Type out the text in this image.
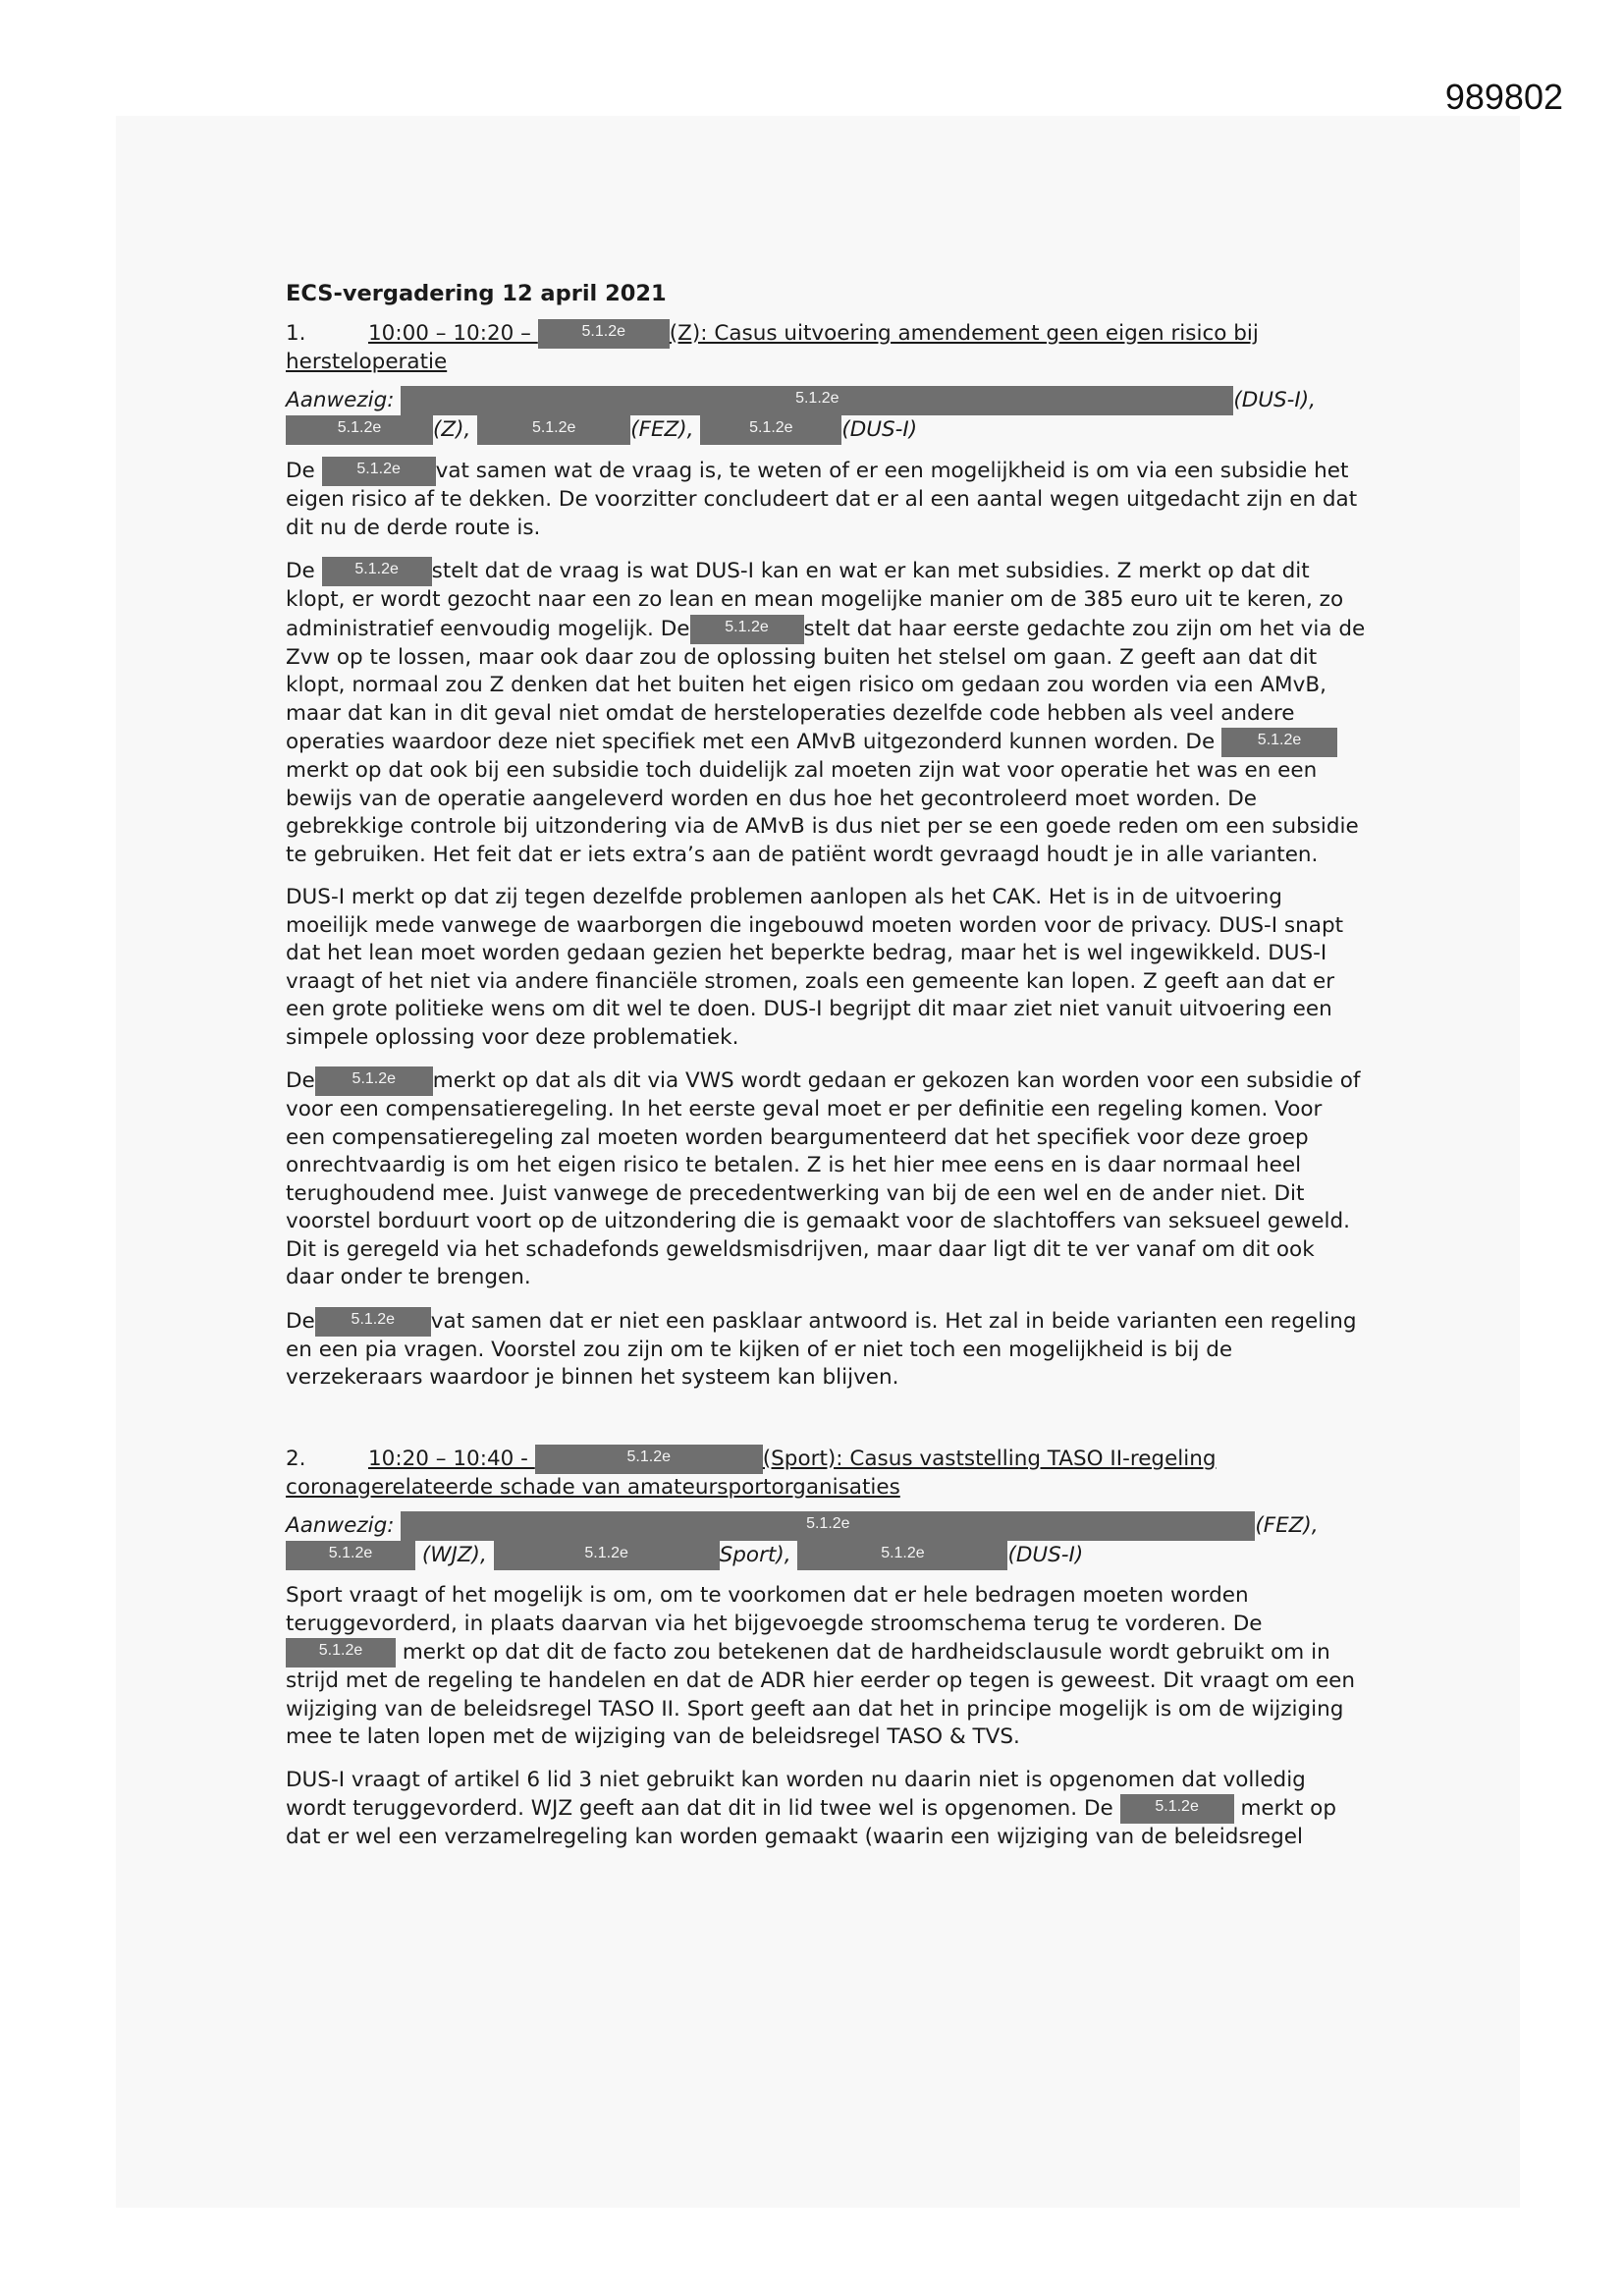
989802
ECS-vergadering 12 april 2021
1.	10:00 – 10:20 –	5.1.2e (Z): Casus uitvoering amendement geen eigen risico bij hersteloperatie
Aanwezig:	5.1.2e	(DUS-I),
5.1.2e (Z),	5.1.2e	(FEZ),	5.1.2e (DUS-I)

De 5.1.2e vat samen wat de vraag is, te weten of er een mogelijkheid is om via een subsidie het eigen risico af te dekken. De voorzitter concludeert dat er al een aantal wegen uitgedacht zijn en dat dit nu de derde route is.

De 5.1.2e stelt dat de vraag is wat DUS-I kan en wat er kan met subsidies. Z merkt op dat dit klopt, er wordt gezocht naar een zo lean en mean mogelijke manier om de 385 euro uit te keren, zo administratief eenvoudig mogelijk. De 5.1.2e stelt dat haar eerste gedachte zou zijn om het via de Zvw op te lossen, maar ook daar zou de oplossing buiten het stelsel om gaan. Z geeft aan dat dit klopt, normaal zou Z denken dat het buiten het eigen risico om gedaan zou worden via een AMvB, maar dat kan in dit geval niet omdat de hersteloperaties dezelfde code hebben als veel andere operaties waardoor deze niet specifiek met een AMvB uitgezonderd kunnen worden. De	5.1.2emerkt op dat ook bij een subsidie toch duidelijk zal moeten zijn wat voor operatie het was en een bewijs van de operatie aangeleverd worden en dus hoe het gecontroleerd moet worden. De gebrekkige controle bij uitzondering via de AMvB is dus niet per se een goede reden om een subsidie te gebruiken. Het feit dat er iets extra’s aan de patiënt wordt gevraagd houdt je in alle varianten.

DUS-I merkt op dat zij tegen dezelfde problemen aanlopen als het CAK. Het is in de uitvoering moeilijk mede vanwege de waarborgen die ingebouwd moeten worden voor de privacy. DUS-I snapt dat het lean moet worden gedaan gezien het beperkte bedrag, maar het is wel ingewikkeld. DUS-I vraagt of het niet via andere financiële stromen, zoals een gemeente kan lopen. Z geeft aan dat er een grote politieke wens om dit wel te doen. DUS-I begrijpt dit maar ziet niet vanuit uitvoering een simpele oplossing voor deze problematiek.

De 5.1.2e merkt op dat als dit via VWS wordt gedaan er gekozen kan worden voor een subsidie of voor een compensatieregeling. In het eerste geval moet er per definitie een regeling komen. Voor een compensatieregeling zal moeten worden beargumenteerd dat het specifiek voor deze groep onrechtvaardig is om het eigen risico te betalen. Z is het hier mee eens en is daar normaal heel terughoudend mee. Juist vanwege de precedentwerking van bij de een wel en de ander niet. Dit voorstel borduurt voort op de uitzondering die is gemaakt voor de slachtoffers van seksueel geweld. Dit is geregeld via het schadefonds geweldsmisdrijven, maar daar ligt dit te ver vanaf om dit ook daar onder te brengen.

De 5.1.2e vat samen dat er niet een pasklaar antwoord is. Het zal in beide varianten een regeling en een pia vragen. Voorstel zou zijn om te kijken of er niet toch een mogelijkheid is bij de verzekeraars waardoor je binnen het systeem kan blijven.

2.	10:20 – 10:40 -	5.1.2e	(Sport): Casus vaststelling TASO II-regeling coronagerelateerde schade van amateursportorganisaties
Aanwezig:	5.1.2e	(FEZ),
5.1.2e (WJZ),	5.1.2e	Sport),	5.1.2e	(DUS-I)

Sport vraagt of het mogelijk is om, om te voorkomen dat er hele bedragen moeten worden teruggevorderd, in plaats daarvan via het bijgevoegde stroomschema terug te vorderen. De
5.1.2e merkt op dat dit de facto zou betekenen dat de hardheidsclausule wordt gebruikt om in strijd met de regeling te handelen en dat de ADR hier eerder op tegen is geweest. Dit vraagt om een wijziging van de beleidsregel TASO II. Sport geeft aan dat het in principe mogelijk is om de wijziging mee te laten lopen met de wijziging van de beleidsregel TASO & TVS.

DUS-I vraagt of artikel 6 lid 3 niet gebruikt kan worden nu daarin niet is opgenomen dat volledig wordt teruggevorderd. WJZ geeft aan dat dit in lid twee wel is opgenomen. De	5.1.2e merkt op dat er wel een verzamelregeling kan worden gemaakt (waarin een wijziging van de beleidsregel
